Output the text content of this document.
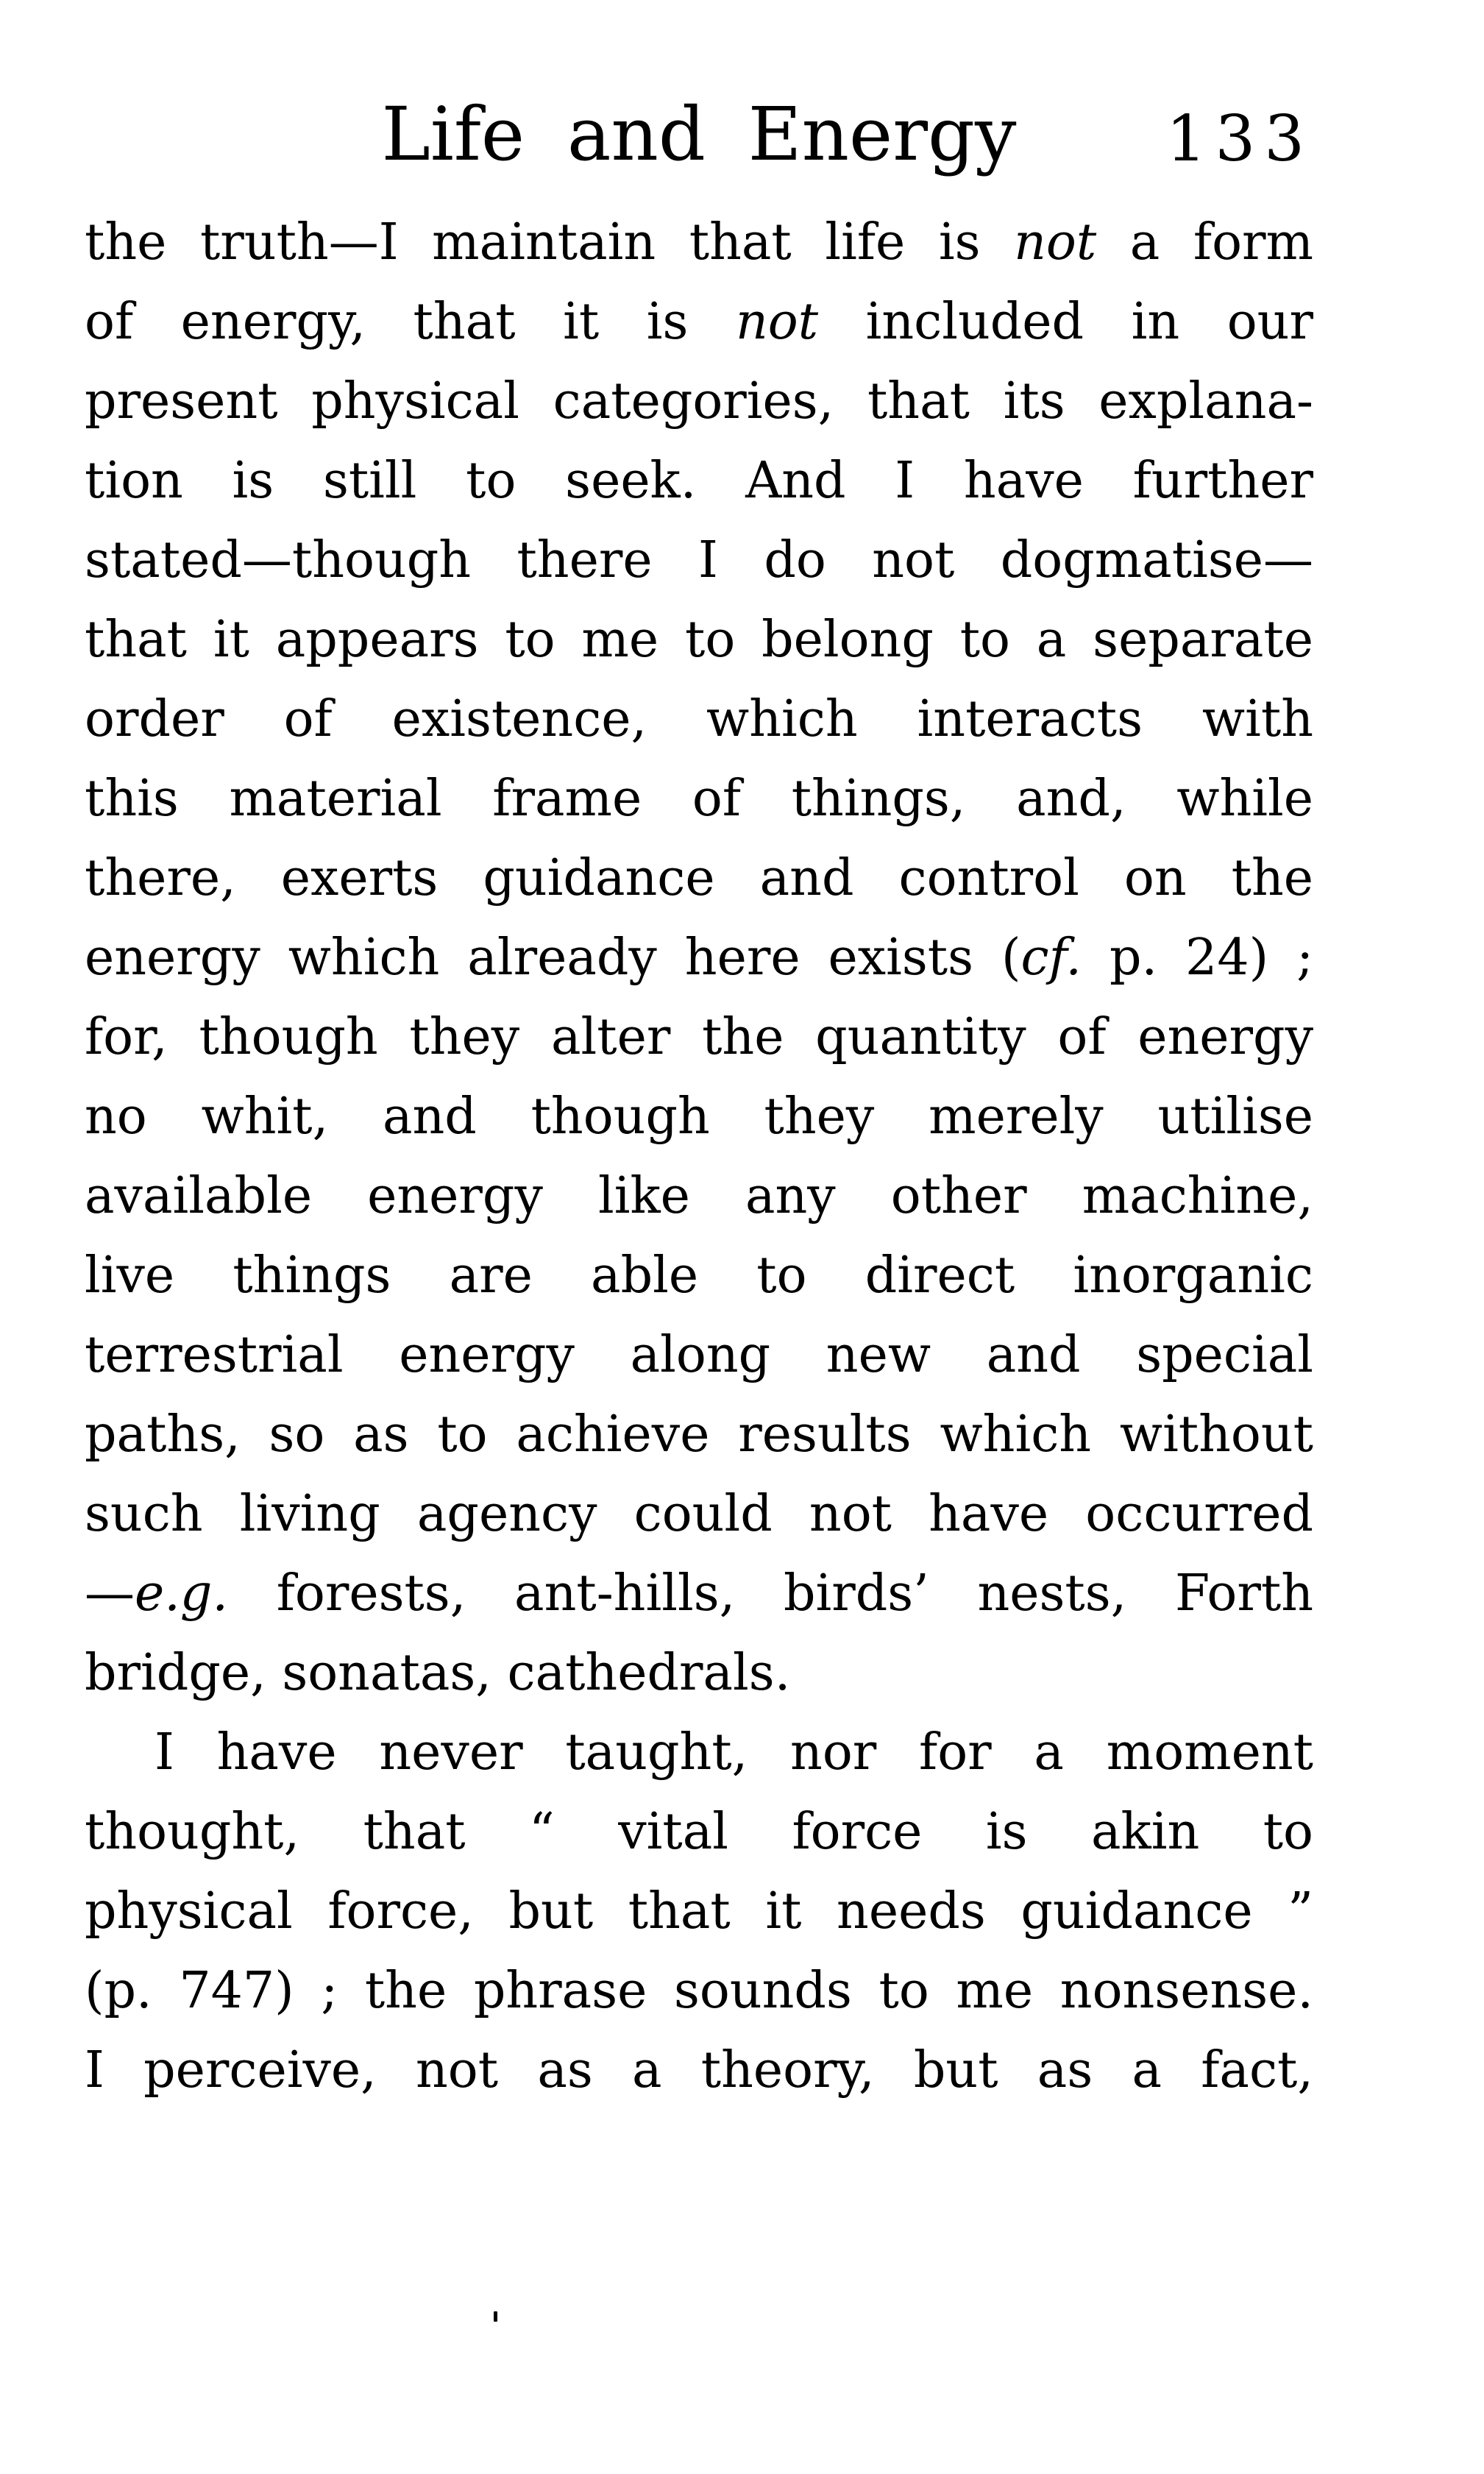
Life and Energy	133
the truth—I maintain that life is not a form
of energy, that it is not included in our
present physical categories, that its explana-
tion is still to seek. And I have further
stated—though there I do not dogmatise—
that it appears to me to belong to a separate
order of existence, which interacts with
this material frame of things, and, while
there, exerts guidance and control on the
energy which already here exists (cf. p. 24) ;
for, though they alter the quantity of energy
no whit, and though they merely utilise
available energy like any other machine,
live things are able to direct inorganic
terrestrial energy along new and special
paths, so as to achieve results which without
such living agency could not have occurred
—e.g. forests, ant-hills, birds’ nests, Forth
bridge, sonatas, cathedrals.
I have never taught, nor for a moment
thought, that “ vital force is akin to
physical force, but that it needs guidance ”
(p. 747) ; the phrase sounds to me nonsense.
I perceive, not as a theory, but as a fact,
